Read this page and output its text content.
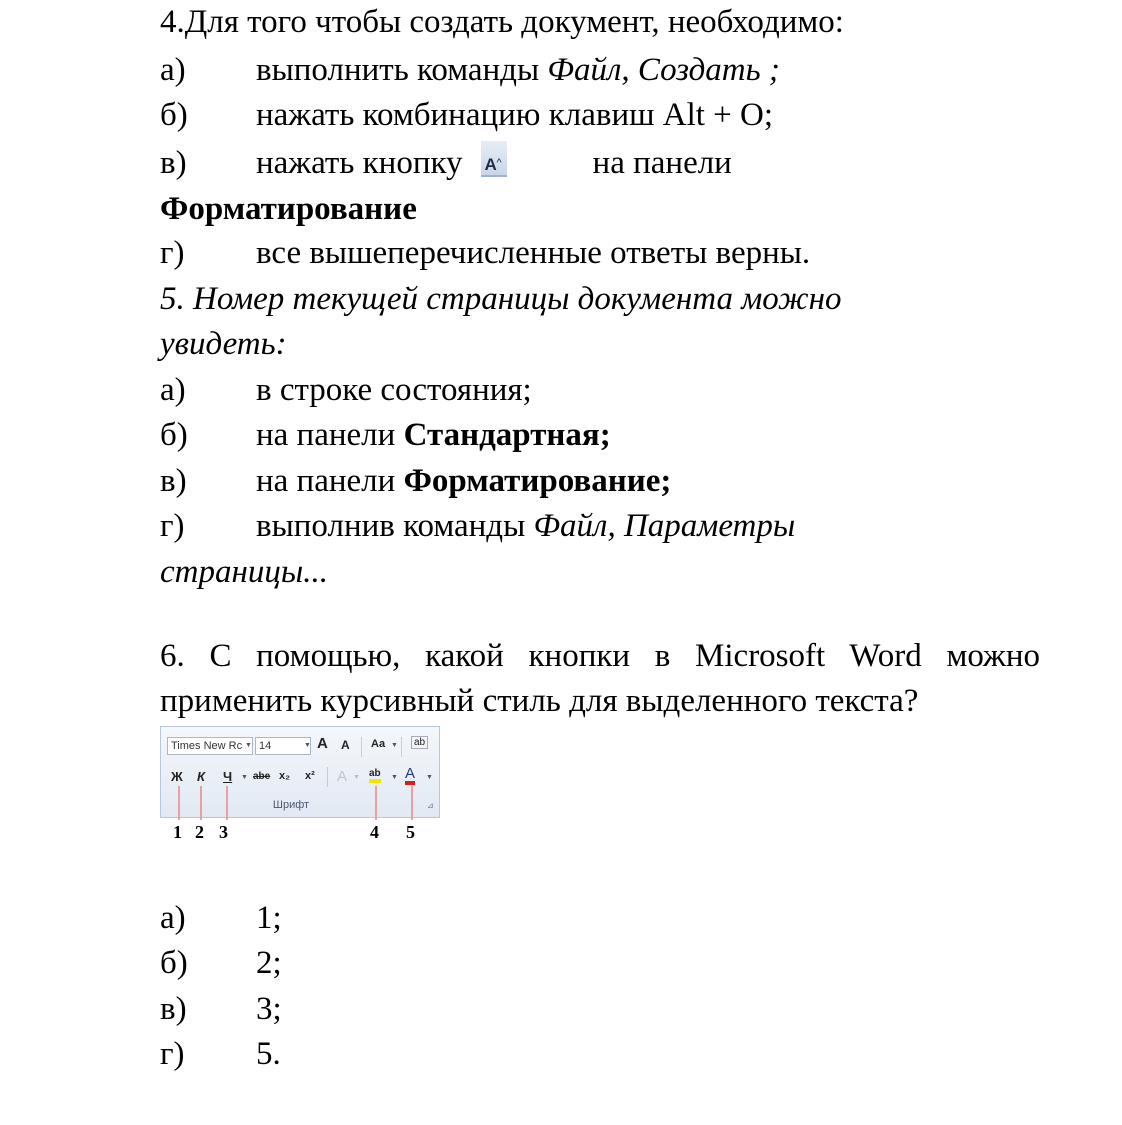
4.Для того чтобы создать документ, необходимо:
а) выполнить команды Файл, Создать ;
б) нажать комбинацию клавиш Alt + O;
в) нажать кнопку A ^	на панели
Форматирование
г) все вышеперечисленные ответы верны.
5. Номер текущей страницы документа можно
увидеть:
а) в строке состояния;
б) на панели Стандартная;
в) на панели Форматирование;
г) выполнив команды Файл, Параметры
страницы...
6. С помощью, какой кнопки в Microsoft Word можно
применить курсивный стиль для выделенного текста?
Times New Rc ▼ 14	▼ A A Aa ▼	ab
Ж К Ч ▼ abe x₂ x² A ▼ ab ▼ A ▼
Шрифт	⊿
1 2 3	4 5
а) 1;
б) 2;
в) 3;
г) 5.
